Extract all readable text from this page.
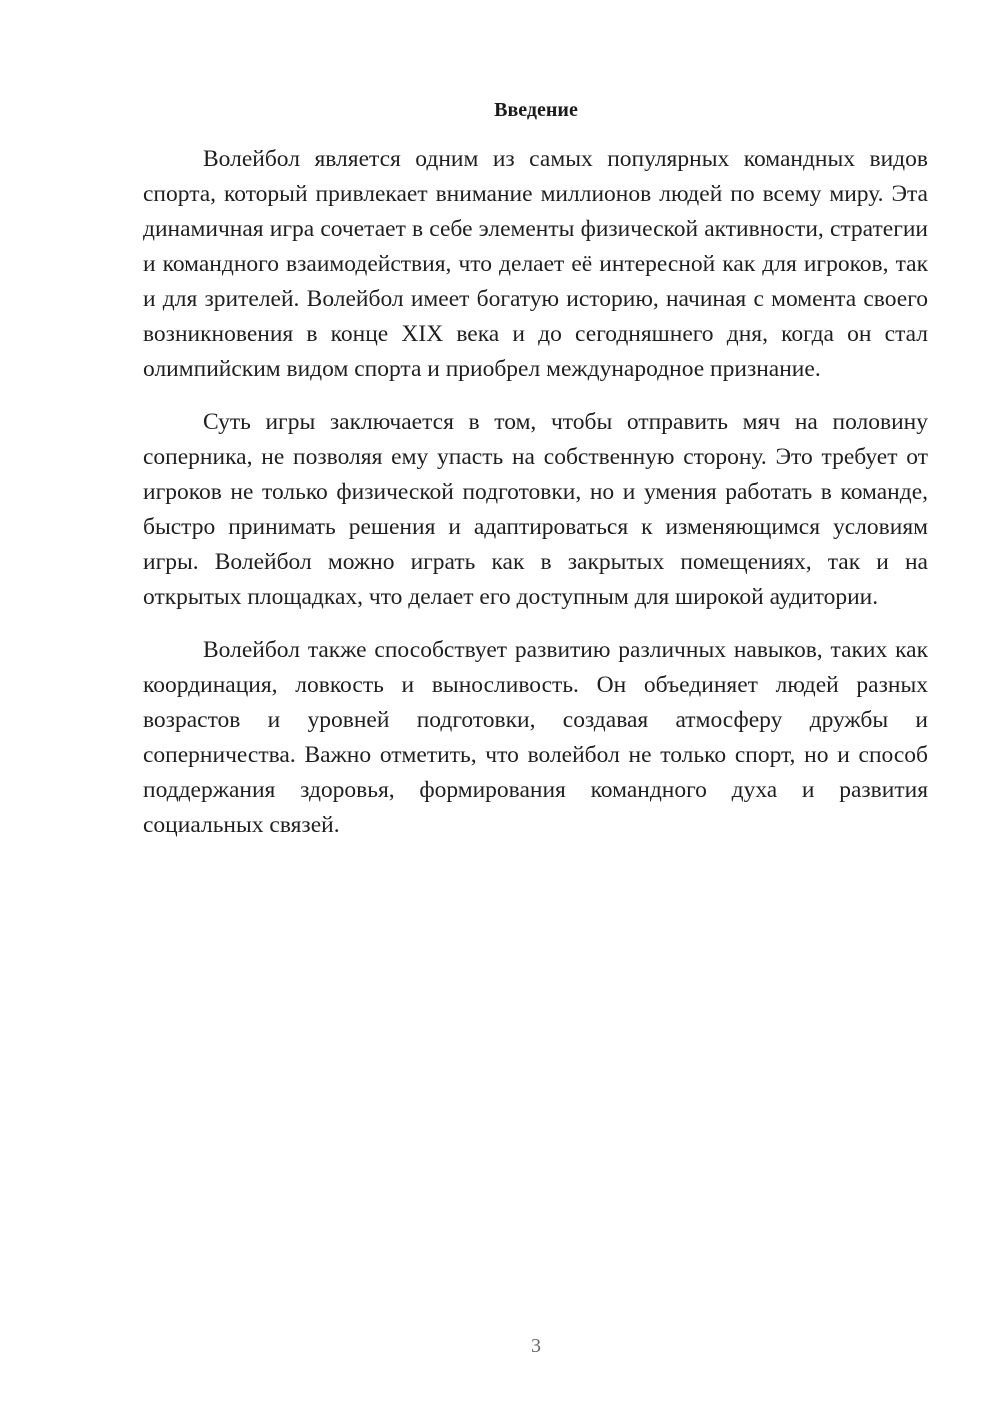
Введение

Волейбол является одним из самых популярных командных видов спорта, который привлекает внимание миллионов людей по всему миру. Эта динамичная игра сочетает в себе элементы физической активности, стратегии и командного взаимодействия, что делает её интересной как для игроков, так и для зрителей. Волейбол имеет богатую историю, начиная с момента своего возникновения в конце XIX века и до сегодняшнего дня, когда он стал олимпийским видом спорта и приобрел международное признание.

Суть игры заключается в том, чтобы отправить мяч на половину соперника, не позволяя ему упасть на собственную сторону. Это требует от игроков не только физической подготовки, но и умения работать в команде, быстро принимать решения и адаптироваться к изменяющимся условиям игры. Волейбол можно играть как в закрытых помещениях, так и на открытых площадках, что делает его доступным для широкой аудитории.

Волейбол также способствует развитию различных навыков, таких как координация, ловкость и выносливость. Он объединяет людей разных возрастов и уровней подготовки, создавая атмосферу дружбы и соперничества. Важно отметить, что волейбол не только спорт, но и способ поддержания здоровья, формирования командного духа и развития социальных связей.

3
